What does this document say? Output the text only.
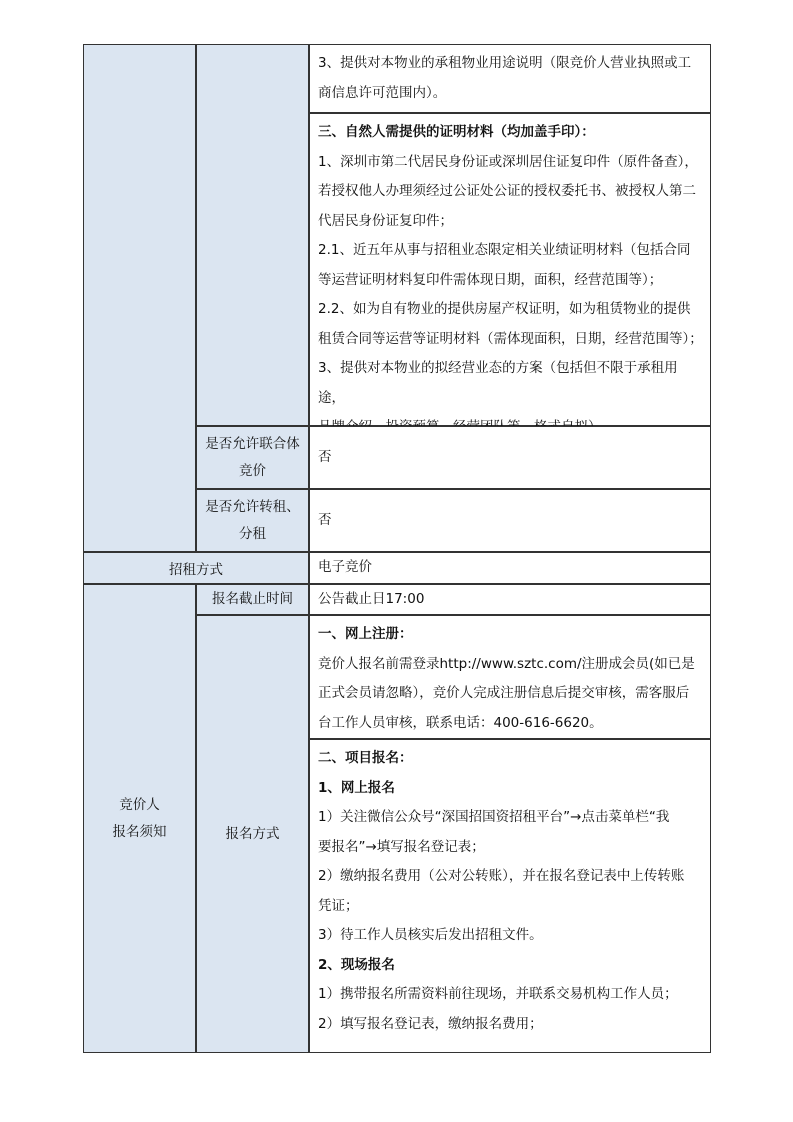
3、提供对本物业的承租物业用途说明（限竞价人营业执照或工

商信息许可范围内）。

三、自然人需提供的证明材料（均加盖手印）：

1、深圳市第二代居民身份证或深圳居住证复印件（原件备查），

若授权他人办理须经过公证处公证的授权委托书、被授权人第二

代居民身份证复印件；

2.1、近五年从事与招租业态限定相关业绩证明材料（包括合同

等运营证明材料复印件需体现日期，面积，经营范围等）；

2.2、如为自有物业的提供房屋产权证明，如为租赁物业的提供

租赁合同等运营等证明材料（需体现面积，日期，经营范围等）；

3、提供对本物业的拟经营业态的方案（包括但不限于承租用途，

是否允许联合体
竞价
否
是否允许转租、
分租
否
招租方式	电子竞价
竞价人
报名须知
报名截止时间 公告截止日17:00
报名方式

一、网上注册：

竞价人报名前需登录http://www.sztc.com/注册成会员(如已是

正式会员请忽略），竞价人完成注册信息后提交审核，需客服后

台工作人员审核，联系电话：400-616-6620。

二、项目报名：

1、网上报名

1）关注微信公众号“深国招国资招租平台”→点击菜单栏“我

要报名”→填写报名登记表；

2）缴纳报名费用（公对公转账），并在报名登记表中上传转账

凭证；

3）待工作人员核实后发出招租文件。

2、现场报名

1）携带报名所需资料前往现场，并联系交易机构工作人员；

2）填写报名登记表，缴纳报名费用；
